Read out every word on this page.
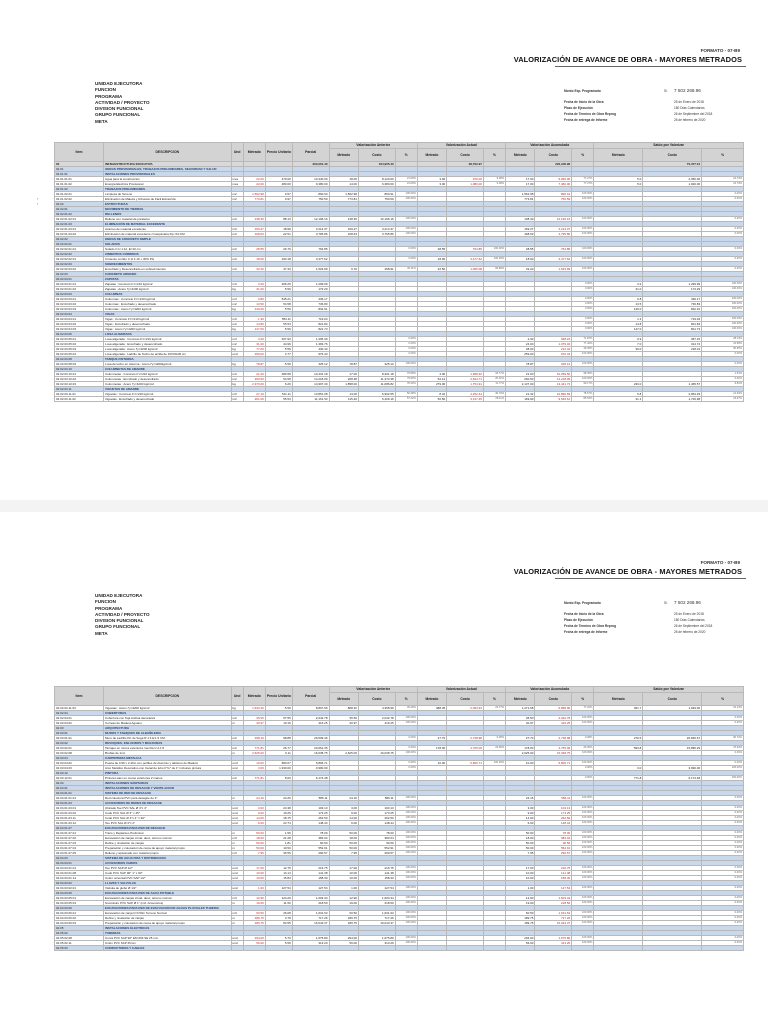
FORMATO - 07-B9
VALORIZACIÓN DE AVANCE DE OBRA - MAYORES METRADOS
UNIDAD EJECUTORA
FUNCION
PROGRAMA
ACTIVIDAD / PROYECTO
DIVISION FUNCIONAL
GRUPO FUNCIONAL
META
Monto Exp. Programado	S/.	7 502 268.96
Fecha de Inicio de la Obra	25 de Enero de 2018
Plazo de Ejecución	180 Días Calendarios
Fecha de Termino de Obra Reprog	26 de Septiembre del 2018
Fecha de entrega de Informe	26 de febrero de 2020
‹
‹
Item	DESCRIPCION	Und	Metrado	Precio Unitario	Parcial	Valorización Anterior			Valorización Actual			Valorización Acumulada			Saldo por Valorizar		
						Metrado	Costo	%	Metrado	Costo	%	Metrado	Costo	%	Metrado	Costo	%
02	INFRAESTRUCTURA EDUCATIVA				293,061.40		164,905.40			28,790.97			222,346.96			70,377.01	
02.01	OBRAS PROVISIONALES, TRABAJOS PRELIMINARES, SEGURIDAD Y SALUD																
02.01.01	INSTALACIONES PROVISIONALES																
02.01.01.01	Agua para la construcción	mes	22.00	470.00	10,340.00	18.00	8,120.00	21.09%	3.00	970.00	9.38%	17.00	9,090.00	77.27%	5.0	2,350.00	22.73%
02.01.01.02	Energía Eléctrica Provisional	mes	22.00	480.00	9,380.00	14.00	6,380.00	21.09%	3.00	1,080.00	9.38%	17.00	7,460.00	77.27%	5.0	1,920.00	22.73%
02.01.02	TRABAJOS PRELIMINARES																
02.01.02.01	Limpieza de Terreno	m2	1,562.98	0.57	890.93	1,562.98	890.91	100.00%				1,562.98	890.91	100.00%			0.00%
02.01.02.02	Eliminación de Maleza y Arbustos de Fácil Extracción	m2	773.81	0.97	750.59	773.81	750.59	100.00%				773.81	750.59	100.00%			0.00%
02.02	ESTRUCTURAS																
02.02.01	MOVIMIENTO DE TIERRAS																
02.02.01.02	RELLENOS																
02.02.01.02.01	Relleno con material de préstamo	m3	138.30	88.13	12,196.16	138.30	12,196.16	100.00%				138.30	12,196.16	100.00%			0.00%
02.02.01.03	ELIMINACIÓN DE MATERIAL EXCEDENTE																
02.02.01.03.01	Acarreo de material excedente	m3	169.27	18.99	3,214.37	169.27	3,214.37	100.00%				169.27	3,214.37	100.00%			0.00%
02.02.01.03.02	Eliminación de material excedente c/maquinaria Dp.=10 KM	m3	168.63	22.51	3,795.86	168.63	3,795.86	100.00%				168.63	3,795.86	100.00%			0.00%
02.02.02	OBRAS DE CONCRETO SIMPLE																
02.02.02.01	SOLADOS																
02.02.02.01.01	Solado C:H 1:12, E=10 cm	m2	28.55	26.79	764.85			0.00%	28.55	764.85	100.00%	28.55	764.85	100.00%			0.00%
02.02.02.02	CIMIENTOS CORRIDOS																
02.02.02.02.01	Cimiento corrido C:H 1:10 + 30% PG	m3	18.00	193.18	3,477.62			0.00%	18.00	3,477.62	100.00%	18.00	3,477.62	100.00%			0.00%
02.02.02.03	SOBRECIMIENTOS																
02.02.02.03.02	Encofrado y Desencofrado en sobrecimientos	m2	32.20	47.33	1,523.99	9.70	458.91	30.11%	22.50	1,065.08	69.89%	32.20	1,523.99	100.00%			0.00%
02.02.03	CONCRETO ARMADO																
02.02.03.01	ZAPATAS																
02.02.03.01.01	Zapatas : Concreto F'c=210 kg/cm2	m3	3.20	406.25	1,299.99									0.00%	3.2	1,299.99	100.00%
02.02.03.01.02	Zapatas : Acero f'y=4200 kg/cm2	kg	31.00	5.59	173.29									0.00%	31.0	173.29	100.00%
02.02.03.03	COLUMNAS																
02.02.03.03.01	Columnas : Concreto F'c=210 kg/cm2	m3	0.80	545.21	436.17									0.00%	0.8	436.17	100.00%
02.02.03.03.02	Columnas : Encofrado y desencofrado	m2	13.50	54.58	736.83									0.00%	13.5	736.83	100.00%
02.02.03.03.03	Columnas : Acero f'y=4200 kg/cm2	kg	149.00	5.59	832.91									0.00%	149.0	832.91	100.00%
02.02.03.04	VIGAS																
02.02.03.04.01	Vigas : Concreto F'c=210 kg/cm2	m3	1.30	553.11	719.04									0.00%	1.3	719.04	100.00%
02.02.03.04.02	Vigas : Encofrado y desencofrado	m2	14.80	55.53	821.84									0.00%	14.8	821.84	100.00%
02.02.03.04.03	Vigas : Acero f'y=4200 kg/cm2	kg	147.00	5.59	821.73									0.00%	147.0	821.73	100.00%
02.02.03.05	LOSA ALIGERADA																
02.02.03.05.01	Losa aligerada : Concreto F'c=210 kg/cm2	m3	3.20	407.93	1,305.39			0.00%				2.30	938.24	71.87%	0.9	367.15	28.13%
02.02.03.05.02	Losa aligerada : Encofrado y desencofrado	m2	31.00	44.96	1,393.76			0.00%				24.00	1,079.04	77.42%	7.0	314.72	22.58%
02.02.03.05.03	Losa aligerada : Acero f'y=4200 kg/cm2	kg	77.00	5.59	430.43			0.00%				38.00	212.42	49.35%	39.0	218.01	50.65%
02.02.03.05.04	Losa aligerada : Ladrillo de Techo de arcilla de 15X30x30 cm	und	259.00	3.77	976.43			0.00%				259.00	976.43	100.00%			0.00%
02.02.03.08	TANQUE CISTERNA																
02.02.03.08.03	Losa de techo en cisterna : Acero f'y=4200kg/cm2	kg	78.87	5.59	325.12	78.87	325.12	100.00%				78.87	325.12	100.00%			0.00%
02.02.03.10	COLUMNETAS DE AMARRE																
02.02.03.10.01	Columnetas : Concreto F'c=210 kg/cm2	m3	21.00	489.58	10,431.18	17.00	8,301.18	79.58%	4.00	1,958.32	18.77%	21.00	10,259.50	98.36%			1.64%
02.02.03.10.02	Columnetas : Encofrado y desencofrado	m2	260.50	54.58	14,218.09	208.38	11,373.38	79.99%	52.12	2,844.71	20.01%	260.50	14,218.09	100.00%			0.00%
02.02.03.10.03	Columnetas : Acero f'y=4200 kg/cm2	kg	2,370.00	6.29	14,907.30	1,858.00	11,686.82	78.40%	279.00	1,754.91	11.77%	2,137.00	13,441.73	90.17%	233.0	1,465.57	9.83%
02.02.03.11	VIGUETAS DE AMARRE																
02.02.03.11.01	Viguetas : Concreto F'c=210 kg/cm2	m3	27.10	511.11	13,851.08	13.00	6,992.55	50.48%	8.32	4,252.44	30.70%	21.32	10,896.59	78.67%	5.8	2,954.49	21.33%
02.02.03.11.02	Viguetas : Encofrado y desencofrado	m2	201.00	55.53	11,161.53	115.40	6,409.16	57.42%	56.50	3,137.45	28.11%	169.90	9,546.61	85.53%	31.1	1,726.98	15.47%
FORMATO - 07-B9
VALORIZACIÓN DE AVANCE DE OBRA - MAYORES METRADOS
UNIDAD EJECUTORA
FUNCION
PROGRAMA
ACTIVIDAD / PROYECTO
DIVISION FUNCIONAL
GRUPO FUNCIONAL
META
Monto Exp. Programado	S/.	7 502 268.96
Fecha de Inicio de la Obra	25 de Enero de 2018
Plazo de Ejecución	180 Días Calendarios
Fecha de Termino de Obra Reprog	26 de Septiembre del 2018
Fecha de entrega de Informe	26 de febrero de 2020
Item	DESCRIPCION	Und	Metrado	Precio Unitario	Parcial	Valorización Anterior			Valorización Actual			Valorización Acumulada			Saldo por Valorizar		
						Metrado	Costo	%	Metrado	Costo	%	Metrado	Costo	%	Metrado	Costo	%
02.02.03.11.03	Viguetas : Acero f'y=4200 kg/cm2	kg	1,633.40	5.59	8,807.96	808.32	4,358.99	49.49%	388.35	2,093.94	23.77%	1,271.68	6,858.96	77.22%	361.7	1,949.00	22.13%
02.02.04	COBERTURAS																
02.02.04.01	Cobertura con Teja Andina decorativa	m2	35.50	57.55	2,042.78	35.50	2,042.78	100.00%				35.50	2,042.78	100.00%			0.00%
02.02.04.02	Correas de Madera Aguano	m	40.97	10.16	416.25	40.97	416.25	100.00%				40.97	416.25	100.00%			0.00%
02.03	ARQUITECTURA																
02.03.01	MUROS Y TABIQUES DE ALBAÑILERIA																
02.03.01.01	Muro de Ladrillo KK de Soga R:1:4 E:1.5 CM	m2	298.19	98.88	29,509.46			0.00%	27.70	2,738.98	9.28%	27.70	2,738.98	9.28%	270.5	26,846.67	90.72%
02.03.02	REVOQUES, ENLUCIDOS Y MOLDURAS																
02.03.02.01	Tarrajeo en muros exteriores mezcla C:A 1:5	m2	771.81	26.77	20,661.35			0.00%	178.00	4,765.06	23.06%	178.00	4,765.06	23.06%	593.8	15,896.29	76.94%
02.03.02.08	Bruñas de 1cm	m	2,625.00	6.11	16,038.75	2,625.00	16,038.75	100.00%				2,625.00	16,038.75	100.00%			0.00%
02.03.04	CARPINTERIA METALICA																
02.03.04.02	Puerta de 0.90 x 2.40m con perfiles de Aluminio y tableros de Madera	und	10.00	580.67	5,806.71			0.00%	10.00	5,806.71	100.00%	10.00	5,806.71	100.00%			0.00%
02.03.04.03	Arco Metálico Decorativo con Canal de tubo F°G° de 1" inclusive pintura	und	3.00	1,330.00	3,990.00			0.00%						0.00%	3.0	3,990.00	100.00%
02.03.12	PINTURA																
02.03.12.01	Pintura Latex en muros exteriores 2 manos	m2	771.81	8.00	6,174.48									0.00%	771.8	6,174.48	100.00%
02.04	INSTALACIONES SANITARIAS																
02.04.01	INSTALACIONES DE DESAGUE Y VENTILACION																
02.04.01.01	SISTEMA DE RED DE DESAGUE																
02.04.01.01.01	Red colectora PVC para desagüe de 4"	m	24.16	24.26	586.11	24.16	586.11	100.00%				24.16	586.11	100.00%			0.00%
02.04.01.03	ACCESORIOS DE REDES DE DESAGUE																
02.04.01.03.01	Ubicado Tee PVC SAL Ø 4"x 4"	und	3.00	24.38	103.13	3.00	103.13	100.00%				3.00	103.13	100.00%			0.00%
02.04.01.03.02	Codo PVC SAL Ø 4" x 45°	und	9.00	19.25	173.25	9.00	173.25	100.00%				9.00	173.25	100.00%			0.00%
02.04.01.03.11	Codo PVC SAL Ø 4"x 4" x 90°	und	14.00	18.75	262.50	14.00	262.50	100.00%				14.00	262.50	100.00%			0.00%
02.04.01.03.12	Tee PVC SAL Ø 4"x 2"	und	6.00	24.74	148.44	6.00	148.44	100.00%				6.00	148.44	100.00%			0.00%
02.04.01.07	EXCAVACIONES PARA RED DE DESAGUE																
02.04.01.07.01	Trazo y Replanteo Preliminar	m	50.00	1.56	78.00	50.00	78.00	100.00%				50.00	78.00	100.00%			0.00%
02.04.01.07.02	Excavación de zanjas c/mat. desc, terreno normal	m3	18.00	21.28	383.04	18.00	383.04	100.00%				18.00	383.04	100.00%			0.00%
02.04.01.07.03	Refine y nivelación de zanjas	m	50.00	1.81	90.50	50.00	90.50	100.00%				50.00	90.50	100.00%			0.00%
02.04.01.07.04	Preparación y colocación de cama de apoyo material propio	m	50.00	10.50	552.91	50.00	552.91	100.00%				50.00	552.91	100.00%			0.00%
02.04.01.07.05	Relleno y apisonado con material propio	m3	7.95	36.55	290.57	7.95	290.57	100.00%				7.95	290.57	100.00%			0.00%
02.04.03	SISTEMA DE AGUA FRIA Y DISTRIBUCION																
02.04.03.01	ACCESORIOS VARIOS																
02.04.03.01.01	Tee PVC SAP Ø 1/2"	und	17.00	12.75	216.75	17.00	216.75	100.00%				17.00	216.75	100.00%			0.00%
02.04.03.01.08	Codo PVC SAP 90° 1" x 90°	und	10.00	14.14	141.38	10.00	141.38	100.00%				10.00	141.38	100.00%			0.00%
02.04.03.01.14	Unión universal PVC SAP 1/2"	und	10.00	15.83	158.30	10.00	158.30	100.00%				10.00	158.30	100.00%			0.00%
02.04.03.02	LLAVES Y VALVULAS																
02.04.03.02.01	Válvula de globo Ø 1/2"	und	1.00	127.54	127.54	1.00	127.54	100.00%				1.00	127.54	100.00%			0.00%
02.04.03.05	EXCAVACIONES PARA RED DE AGUA POTABLE																
02.04.03.05.01	Excavación de zanjas c/mat. desc, terreno normal	m3	12.90	124.29	1,603.34	12.90	1,603.34	100.00%				12.90	1,603.34	100.00%			0.00%
02.04.03.05.03	Suministro PVC SAP Ø 1" (incl. Accesorios)	m	19.00	11.50	218.50	19.00	218.50	100.00%				19.00	218.50	100.00%			0.00%
02.04.03.06	EXCAVACIONES PARA RED DE EVACUACION DE AGUAS PLUVIALES TUBERIA																
02.04.03.06.01	Excavación de zanja h=0.50m Terreno Normal	m3	60.50	26.08	1,631.63	60.50	1,631.63	100.00%				60.50	1,631.63	100.00%			0.00%
02.04.03.06.02	Refine y nivelación de zanjas	m	189.75	3.78	717.26	189.75	717.26	100.00%				189.75	717.26	100.00%			0.00%
02.04.03.06.03	Preparación y colocación de cama de apoyo material propio	m	189.75	84.55	16,043.37	189.75	16,043.37	100.00%				189.75	16,043.37	100.00%			0.00%
02.05	INSTALACIONES ELECTRICAS																
02.05.02	TUBERIAS																
02.05.02.08	Curva PVC SAP 90° EM 696 SE 25 mm	und	294.00	5.70	1,675.80	294.00	1,675.80	100.00%				294.00	1,675.80	100.00%			0.00%
02.05.02.11	Unión PVC SAP 25mm	und	56.00	5.59	313.20	56.00	313.20	100.00%				56.00	313.20	100.00%			0.00%
02.05.03	CONDUCTORES Y CABLES																
